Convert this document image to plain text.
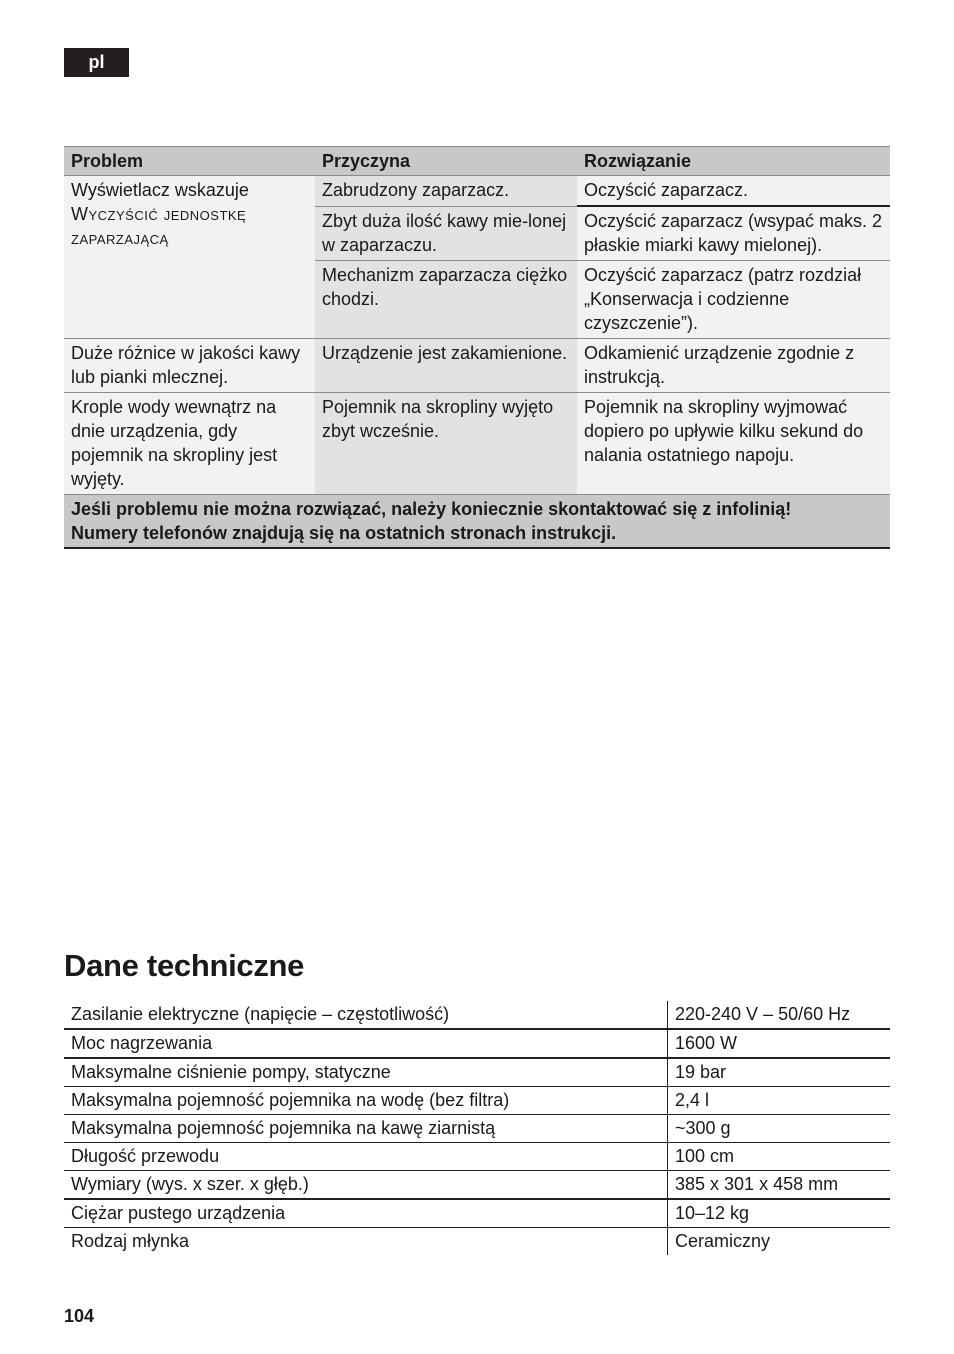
pl
Problem	Przyczyna	Rozwiązanie
Wyświetlacz wskazuje
Wyczyścić jednostkę zaparzającą	Zabrudzony zaparzacz.	Oczyścić zaparzacz.
	Zbyt duża ilość kawy mie-lonej w zaparzaczu.	Oczyścić zaparzacz (wsypać maks. 2 płaskie miarki kawy mielonej).
	Mechanizm zaparzacza ciężko chodzi.	Oczyścić zaparzacz (patrz rozdział „Konserwacja i codzienne czyszczenie”).
Duże różnice w jakości kawy lub pianki mlecznej.	Urządzenie jest zakamienione.	Odkamienić urządzenie zgodnie z instrukcją.
Krople wody wewnątrz na dnie urządzenia, gdy pojemnik na skropliny jest wyjęty.	Pojemnik na skropliny wyjęto zbyt wcześnie.	Pojemnik na skropliny wyjmować dopiero po upływie kilku sekund do nalania ostatniego napoju.
Jeśli problemu nie można rozwiązać, należy koniecznie skontaktować się z infolinią!
Numery telefonów znajdują się na ostatnich stronach instrukcji.		
Dane techniczne
Zasilanie elektryczne (napięcie – częstotliwość)	220-240 V – 50/60 Hz
Moc nagrzewania	1600 W
Maksymalne ciśnienie pompy, statyczne	19 bar
Maksymalna pojemność pojemnika na wodę (bez filtra)	2,4 l
Maksymalna pojemność pojemnika na kawę ziarnistą	~300 g
Długość przewodu	100 cm
Wymiary (wys. x szer. x głęb.)	385 x 301 x 458 mm
Ciężar pustego urządzenia	10–12 kg
Rodzaj młynka	Ceramiczny
104
